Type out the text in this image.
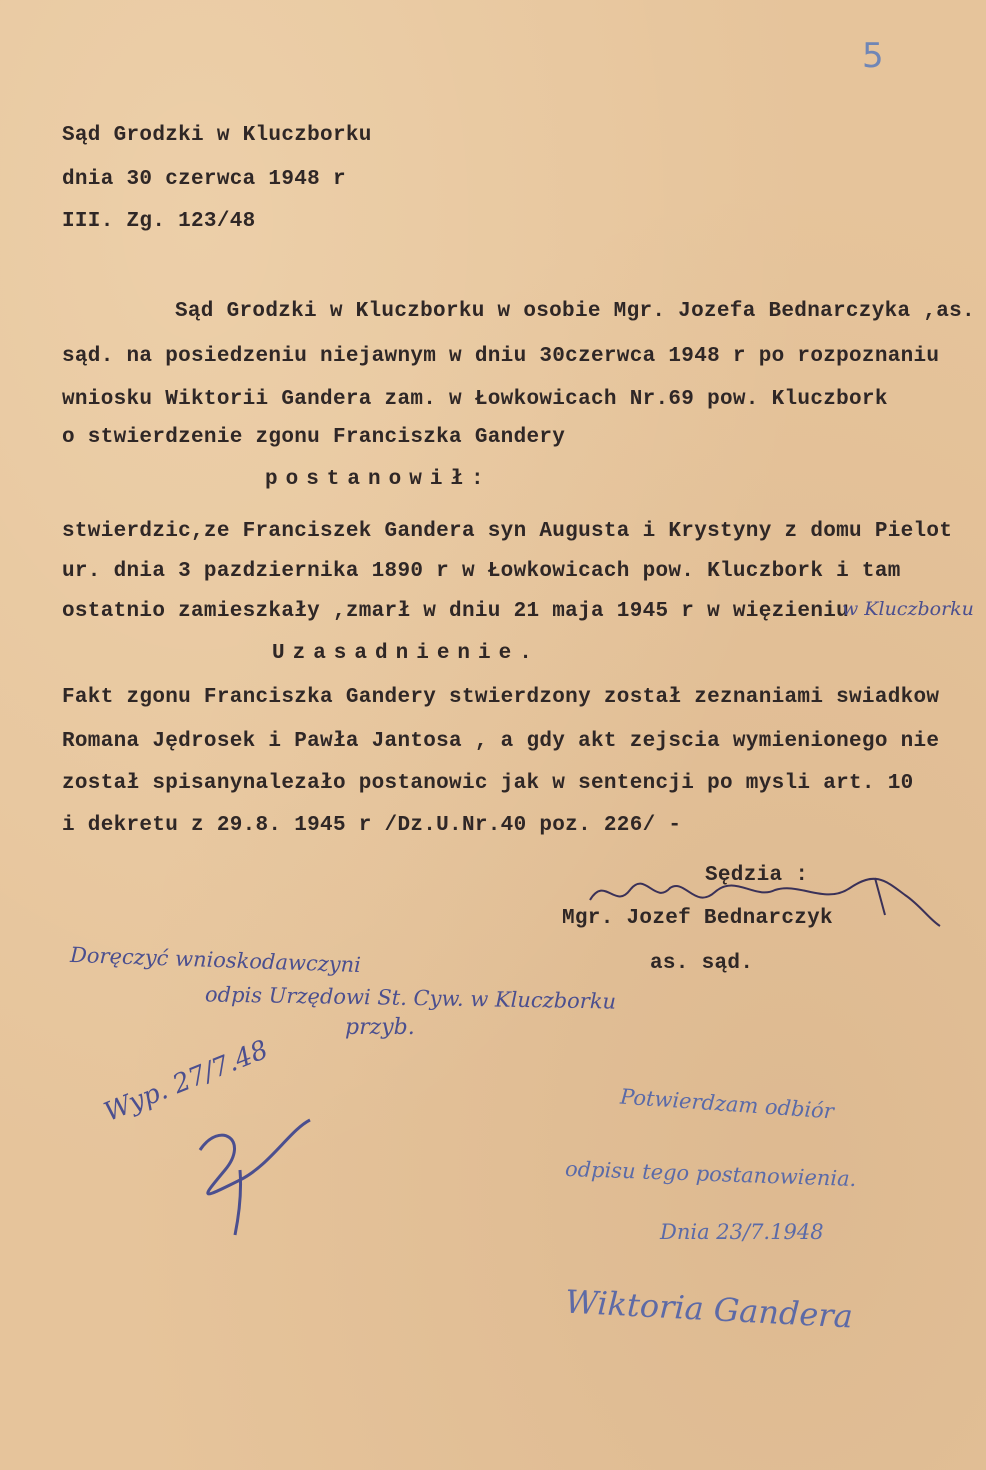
5
Sąd Grodzki w Kluczborku
dnia 30 czerwca 1948 r
III. Zg. 123/48
Sąd Grodzki w Kluczborku w osobie Mgr. Jozefa Bednarczyka ,as.
sąd. na posiedzeniu niejawnym w dniu 30czerwca 1948 r po rozpoznaniu
wniosku Wiktorii Gandera zam. w Łowkowicach Nr.69 pow. Kluczbork
o stwierdzenie zgonu Franciszka Gandery
postanowił:
stwierdzic,ze Franciszek Gandera syn Augusta i Krystyny z domu Pielot
ur. dnia 3 pazdziernika 1890 r w Łowkowicach pow. Kluczbork i tam
ostatnio zamieszkały ,zmarł w dniu 21 maja 1945 r w więzieniu
w Kluczborku
Uzasadnienie.
Fakt zgonu Franciszka Gandery stwierdzony został zeznaniami swiadkow
Romana Jędrosek i Pawła Jantosa , a gdy akt zejscia wymienionego nie
został spisanynalezało postanowic jak w sentencji po mysli art. 10
i dekretu z 29.8. 1945 r /Dz.U.Nr.40 poz. 226/ -
Sędzia :
Mgr. Jozef Bednarczyk
as. sąd.
Doręczyć wnioskodawczyni
odpis Urzędowi St. Cyw. w Kluczborku
przyb.
Wyp. 27/7.48	Potwierdzam odbiór
odpisu tego postanowienia.
Dnia 23/7.1948
Wiktoria Gandera
